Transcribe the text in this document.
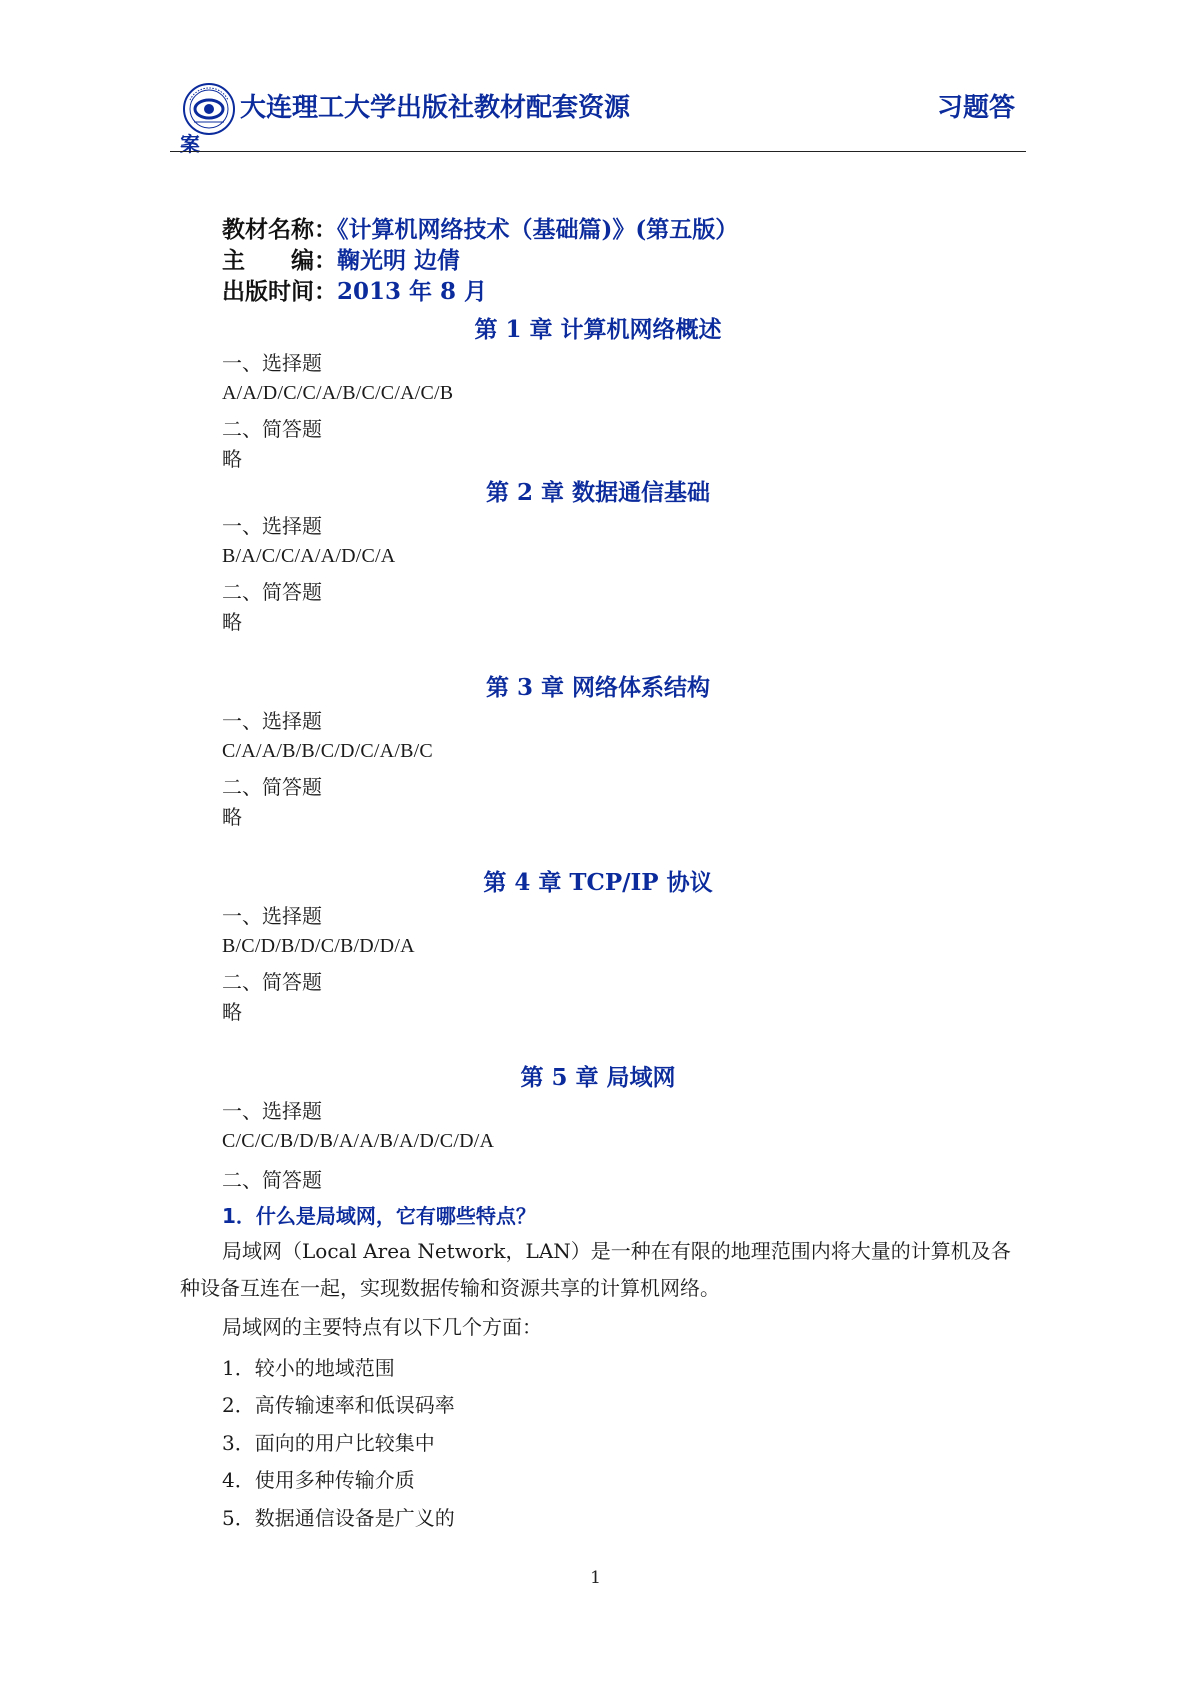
大连理工大学出版社教材配套资源	习题答
案
教材名称：《计算机网络技术（基础篇)》(第五版）
主　　编：鞠光明 边倩
出版时间：2013 年 8 月
第 1 章 计算机网络概述
一、选择题
A/A/D/C/C/A/B/C/C/A/C/B
二、简答题
略
第 2 章 数据通信基础
一、选择题
B/A/C/C/A/A/D/C/A
二、简答题
略
第 3 章 网络体系结构
一、选择题
C/A/A/B/B/C/D/C/A/B/C
二、简答题
略
第 4 章 TCP/IP 协议
一、选择题
B/C/D/B/D/C/B/D/D/A
二、简答题
略
第 5 章 局域网
一、选择题
C/C/C/B/D/B/A/A/B/A/D/C/D/A
二、简答题
1．什么是局域网，它有哪些特点？
局域网（Local Area Network，LAN）是一种在有限的地理范围内将大量的计算机及各种设备互连在一起，实现数据传输和资源共享的计算机网络。
局域网的主要特点有以下几个方面：
1．较小的地域范围
2．高传输速率和低误码率
3．面向的用户比较集中
4．使用多种传输介质
5．数据通信设备是广义的
1
